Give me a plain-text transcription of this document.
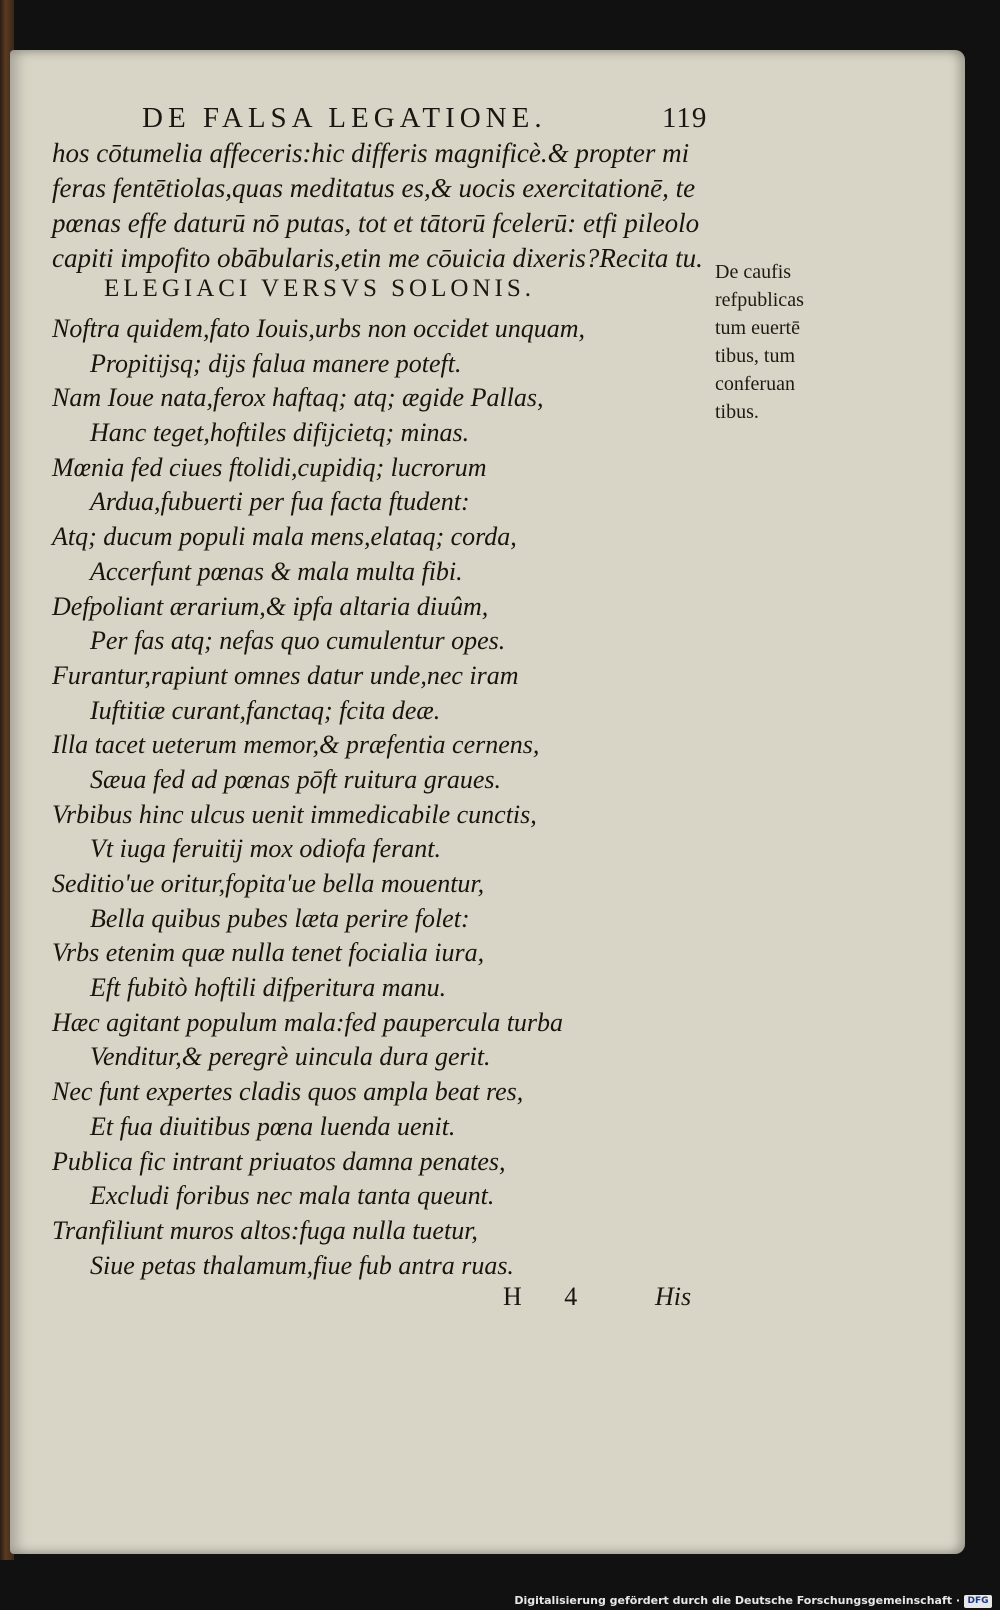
DE FALSA LEGATIONE.	119
hos cōtumelia affeceris:hic differis magnificè.& propter mi
feras fentētiolas,quas meditatus es,& uocis exercitationē, te
pœnas effe daturū nō putas, tot et tātorū fcelerū: etfi pileolo
capiti impofito obābularis,etin me cōuicia dixeris?Recita tu.
ELEGIACI VERSVS SOLONIS.
De caufis
refpublicas
tum euertē
tibus, tum
conferuan
tibus.
Noftra quidem,fato Iouis,urbs non occidet unquam,
Propitijsq; dijs falua manere poteft.
Nam Ioue nata,ferox haftaq; atq; ægide Pallas,
Hanc teget,hoftiles difijcietq; minas.
Mœnia fed ciues ftolidi,cupidiq; lucrorum
Ardua,fubuerti per fua facta ftudent:
Atq; ducum populi mala mens,elataq; corda,
Accerfunt pœnas & mala multa fibi.
Defpoliant ærarium,& ipfa altaria diuûm,
Per fas atq; nefas quo cumulentur opes.
Furantur,rapiunt omnes datur unde,nec iram
Iuftitiæ curant,fanctaq; fcita deæ.
Illa tacet ueterum memor,& præfentia cernens,
Sæua fed ad pœnas pōft ruitura graues.
Vrbibus hinc ulcus uenit immedicabile cunctis,
Vt iuga feruitij mox odiofa ferant.
Seditio'ue oritur,fopita'ue bella mouentur,
Bella quibus pubes læta perire folet:
Vrbs etenim quæ nulla tenet focialia iura,
Eft fubitò hoftili difperitura manu.
Hæc agitant populum mala:fed paupercula turba
Venditur,& peregrè uincula dura gerit.
Nec funt expertes cladis quos ampla beat res,
Et fua diuitibus pœna luenda uenit.
Publica fic intrant priuatos damna penates,
Excludi foribus nec mala tanta queunt.
Tranfiliunt muros altos:fuga nulla tuetur,
Siue petas thalamum,fiue fub antra ruas.
H 4 His
Digitalisierung gefördert durch die Deutsche Forschungsgemeinschaft · DFG
